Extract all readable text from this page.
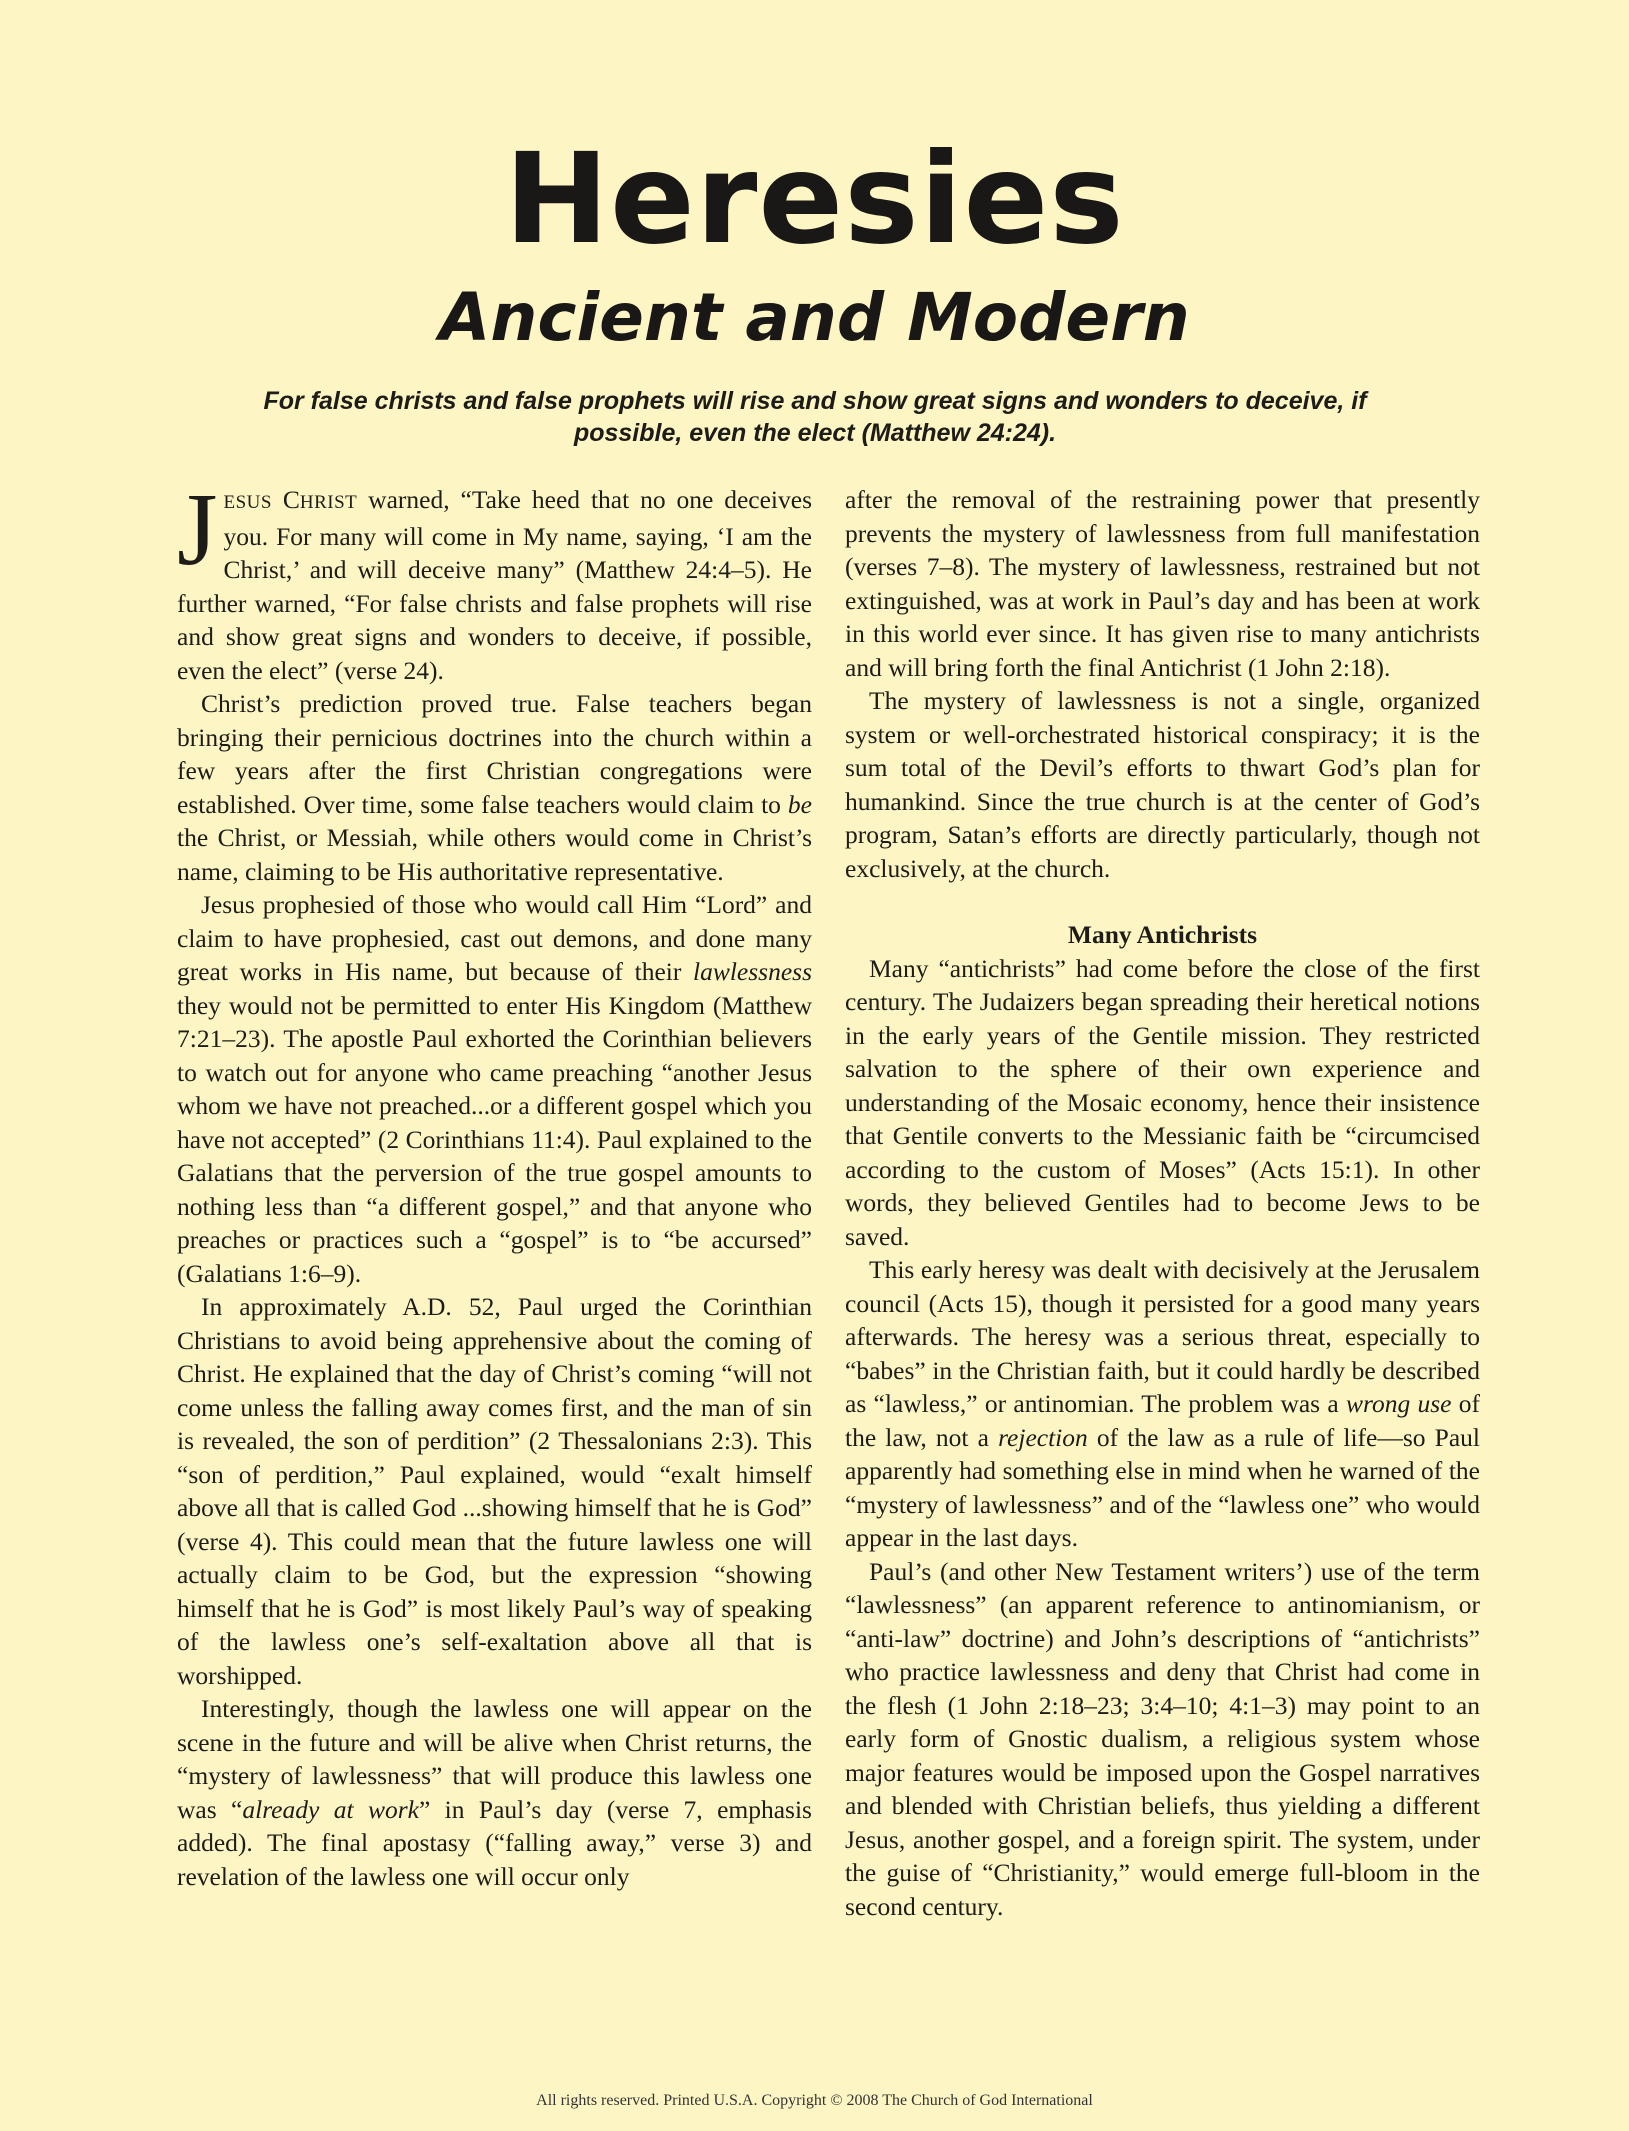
Heresies
Ancient and Modern
For false christs and false prophets will rise and show great signs and wonders to deceive, if possible, even the elect (Matthew 24:24).

JESUS CHRIST warned, “Take heed that no one deceives you. For many will come in My name, saying, ‘I am the Christ,’ and will deceive many” (Matthew 24:4–5). He further warned, “For false christs and false prophets will rise and show great signs and wonders to deceive, if possible, even the elect” (verse 24).

Christ’s prediction proved true. False teachers began bringing their pernicious doctrines into the church within a few years after the first Christian congregations were established. Over time, some false teachers would claim to be the Christ, or Messiah, while others would come in Christ’s name, claiming to be His authoritative representative.

Jesus prophesied of those who would call Him “Lord” and claim to have prophesied, cast out demons, and done many great works in His name, but because of their lawlessness they would not be permitted to enter His Kingdom (Matthew 7:21–23). The apostle Paul exhorted the Corinthian believers to watch out for anyone who came preaching “another Jesus whom we have not preached...or a different gospel which you have not accepted” (2 Corinthians 11:4). Paul explained to the Galatians that the perversion of the true gospel amounts to nothing less than “a different gospel,” and that anyone who preaches or practices such a “gospel” is to “be accursed” (Galatians 1:6–9).

In approximately A.D. 52, Paul urged the Corinthian Christians to avoid being apprehensive about the coming of Christ. He explained that the day of Christ’s coming “will not come unless the falling away comes first, and the man of sin is revealed, the son of perdition” (2 Thessalonians 2:3). This “son of perdition,” Paul explained, would “exalt himself above all that is called God ...showing himself that he is God” (verse 4). This could mean that the future lawless one will actually claim to be God, but the expression “showing himself that he is God” is most likely Paul’s way of speaking of the lawless one’s self-exaltation above all that is worshipped.

Interestingly, though the lawless one will appear on the scene in the future and will be alive when Christ returns, the “mystery of lawlessness” that will produce this lawless one was “already at work” in Paul’s day (verse 7, emphasis added). The final apostasy (“falling away,” verse 3) and revelation of the lawless one will occur only

after the removal of the restraining power that presently prevents the mystery of lawlessness from full manifestation (verses 7–8). The mystery of lawlessness, restrained but not extinguished, was at work in Paul’s day and has been at work in this world ever since. It has given rise to many antichrists and will bring forth the final Antichrist (1 John 2:18).

The mystery of lawlessness is not a single, organized system or well-orchestrated historical conspiracy; it is the sum total of the Devil’s efforts to thwart God’s plan for humankind. Since the true church is at the center of God’s program, Satan’s efforts are directly particularly, though not exclusively, at the church.

Many Antichrists

Many “antichrists” had come before the close of the first century. The Judaizers began spreading their heretical notions in the early years of the Gentile mission. They restricted salvation to the sphere of their own experience and understanding of the Mosaic economy, hence their insistence that Gentile converts to the Messianic faith be “circumcised according to the custom of Moses” (Acts 15:1). In other words, they believed Gentiles had to become Jews to be saved.

This early heresy was dealt with decisively at the Jerusalem council (Acts 15), though it persisted for a good many years afterwards. The heresy was a serious threat, especially to “babes” in the Christian faith, but it could hardly be described as “lawless,” or antinomian. The problem was a wrong use of the law, not a rejection of the law as a rule of life—so Paul apparently had something else in mind when he warned of the “mystery of lawlessness” and of the “lawless one” who would appear in the last days.

Paul’s (and other New Testament writers’) use of the term “lawlessness” (an apparent reference to antinomianism, or “anti-law” doctrine) and John’s descriptions of “antichrists” who practice lawlessness and deny that Christ had come in the flesh (1 John 2:18–23; 3:4–10; 4:1–3) may point to an early form of Gnostic dualism, a religious system whose major features would be imposed upon the Gospel narratives and blended with Christian beliefs, thus yielding a different Jesus, another gospel, and a foreign spirit. The system, under the guise of “Christianity,” would emerge full-bloom in the second century.

All rights reserved. Printed U.S.A. Copyright © 2008 The Church of God International
